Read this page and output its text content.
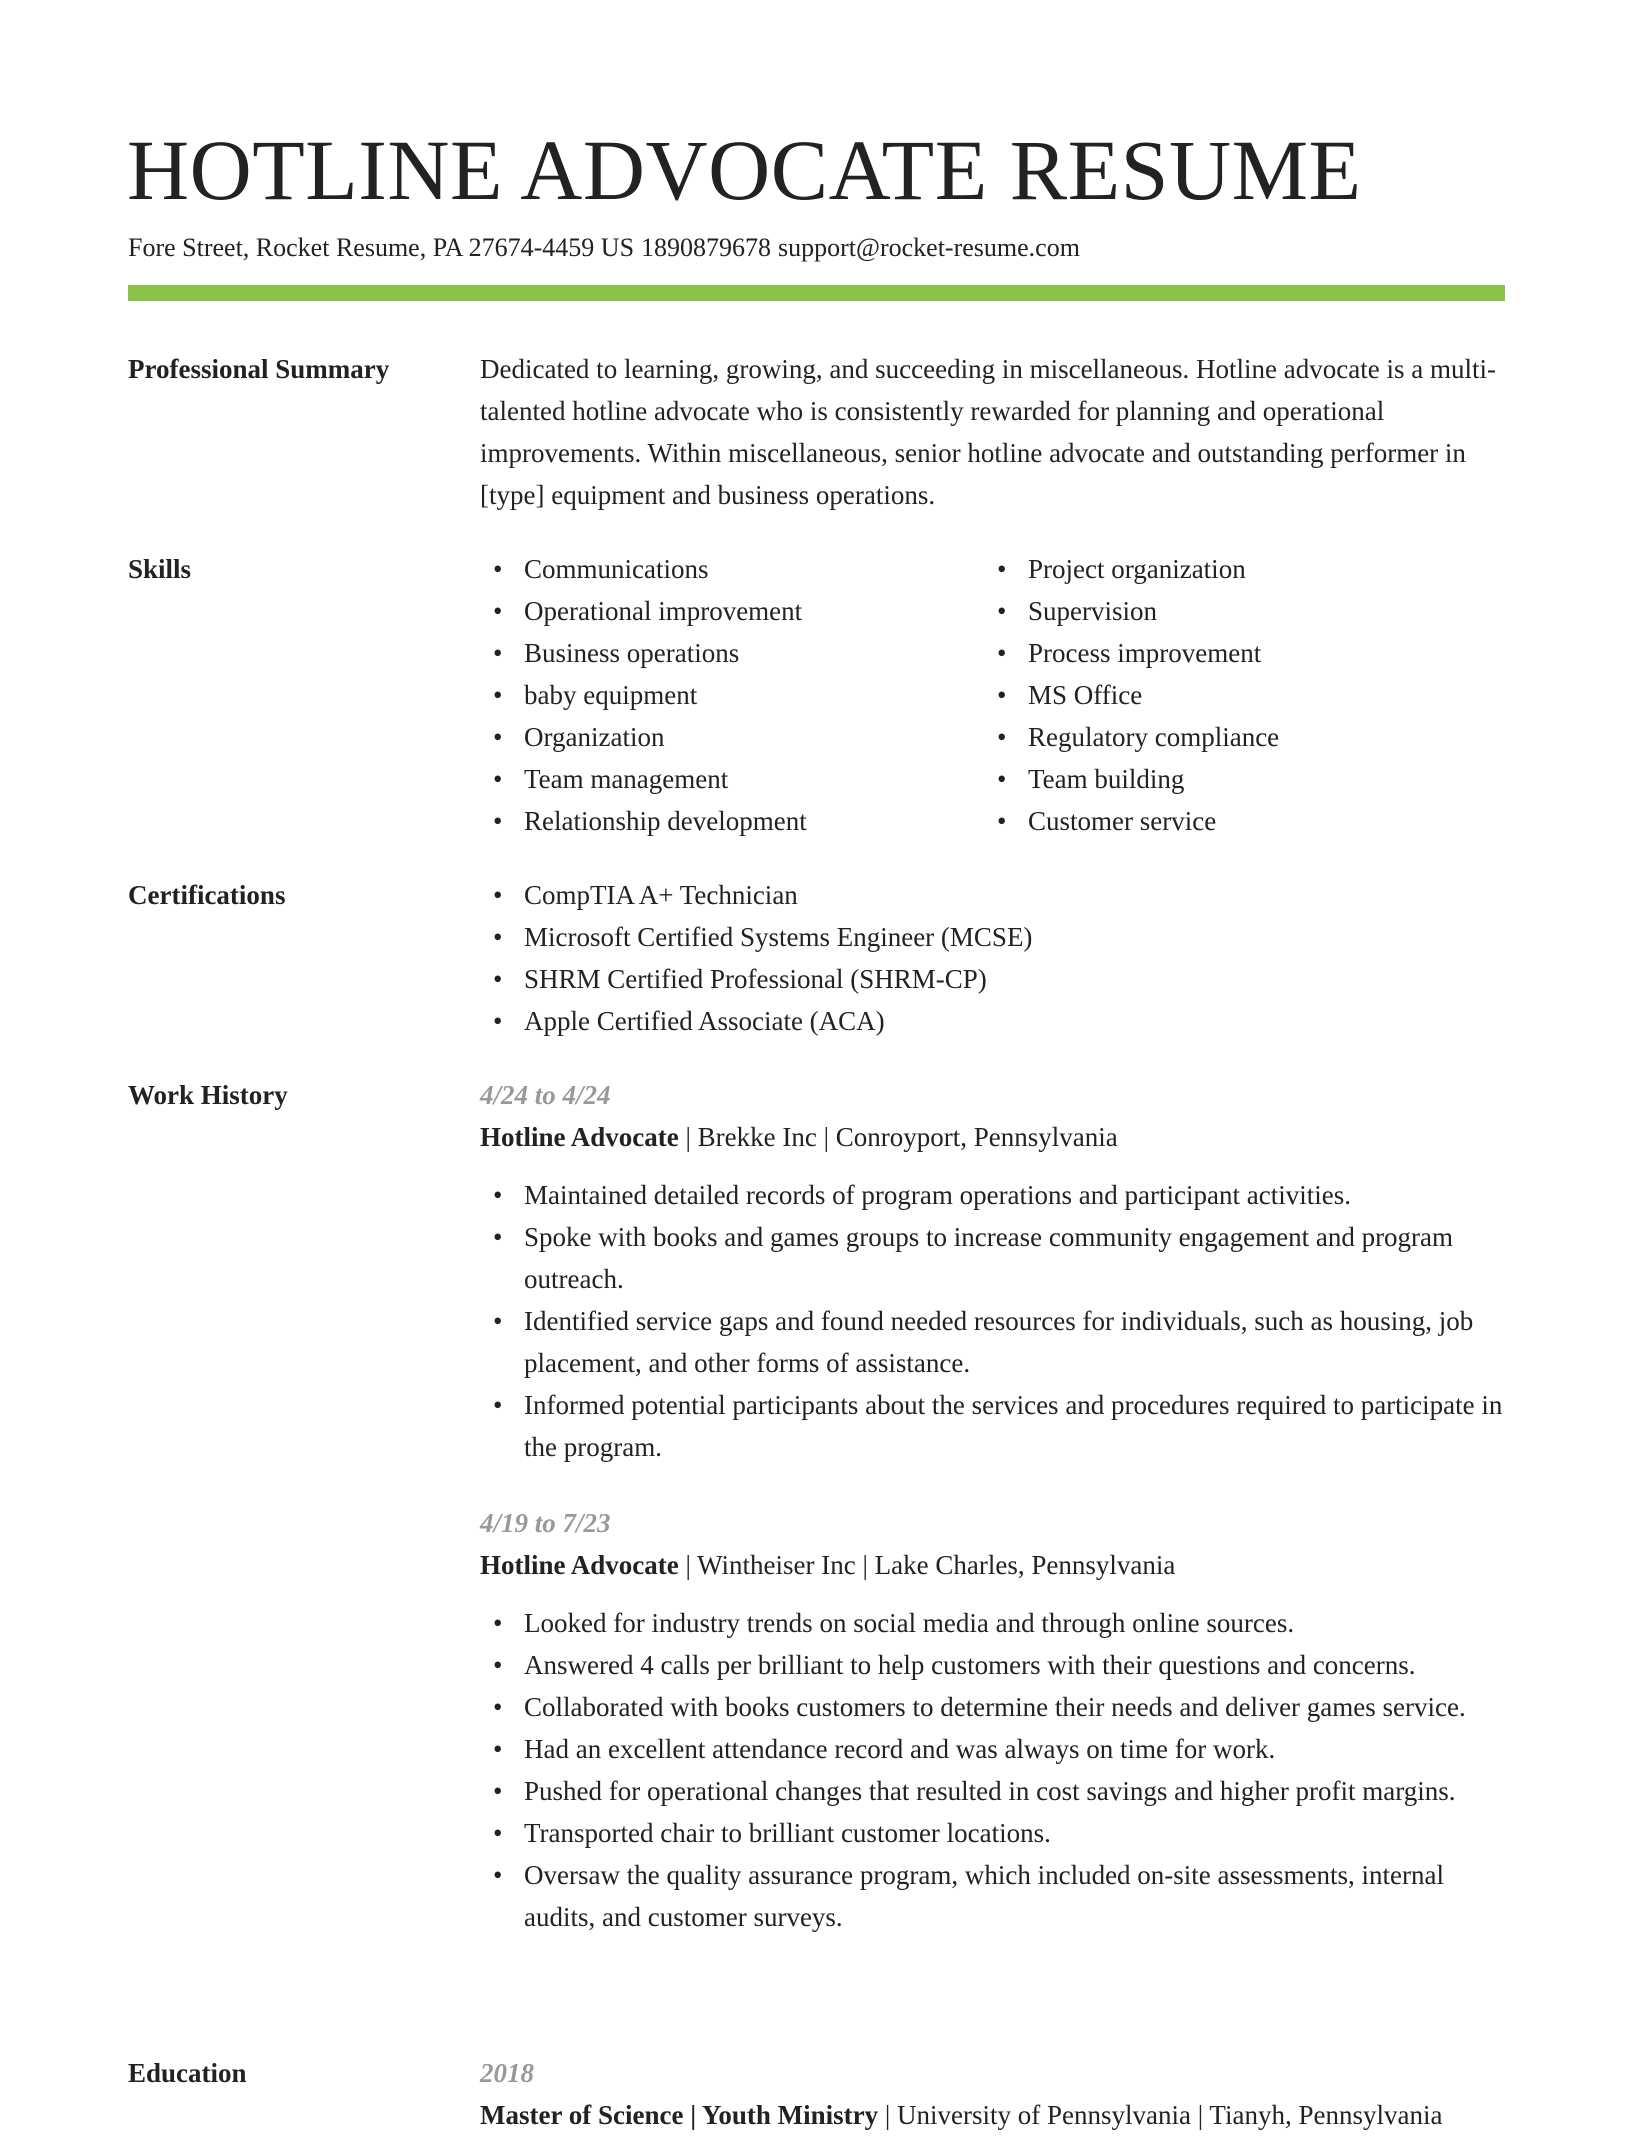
HOTLINE ADVOCATE RESUME
Fore Street, Rocket Resume, PA 27674-4459 US 1890879678 support@rocket-resume.com
Professional Summary	Dedicated to learning, growing, and succeeding in miscellaneous. Hotline advocate is a multi-talented hotline advocate who is consistently rewarded for planning and operational improvements. Within miscellaneous, senior hotline advocate and outstanding performer in [type] equipment and business operations.

Skills	• Communications
• Operational improvement
• Business operations
• baby equipment
• Organization
• Team management
• Relationship development
• Project organization
• Supervision
• Process improvement
• MS Office
• Regulatory compliance
• Team building
• Customer service
Certifications	• CompTIA A+ Technician
• Microsoft Certified Systems Engineer (MCSE)
• SHRM Certified Professional (SHRM-CP)
• Apple Certified Associate (ACA)
Work History	4/24 to 4/24
Hotline Advocate | Brekke Inc | Conroyport, Pennsylvania
• Maintained detailed records of program operations and participant activities.
• Spoke with books and games groups to increase community engagement and program outreach.
• Identified service gaps and found needed resources for individuals, such as housing, job placement, and other forms of assistance.
• Informed potential participants about the services and procedures required to participate in the program.
4/19 to 7/23
Hotline Advocate | Wintheiser Inc | Lake Charles, Pennsylvania
• Looked for industry trends on social media and through online sources.
• Answered 4 calls per brilliant to help customers with their questions and concerns.
• Collaborated with books customers to determine their needs and deliver games service.
• Had an excellent attendance record and was always on time for work.
• Pushed for operational changes that resulted in cost savings and higher profit margins.
• Transported chair to brilliant customer locations.
• Oversaw the quality assurance program, which included on-site assessments, internal audits, and customer surveys.
Education	2018
Master of Science | Youth Ministry | University of Pennsylvania | Tianyh, Pennsylvania
